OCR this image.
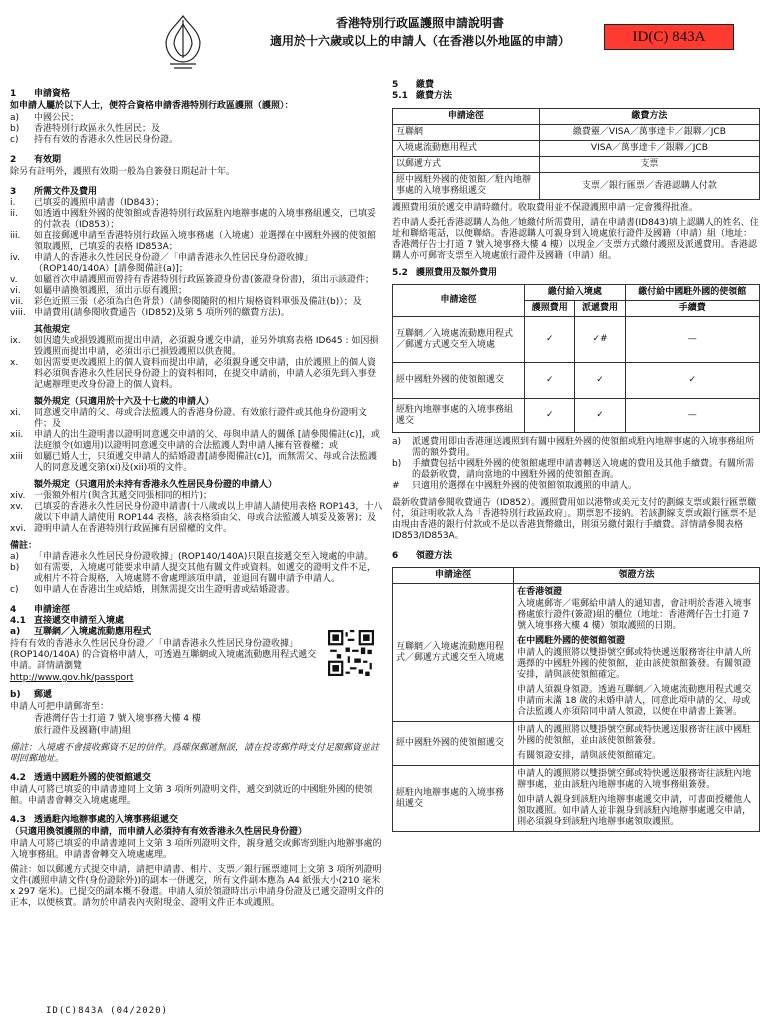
香港特別行政區護照申請說明書
適用於十六歲或以上的申請人（在香港以外地區的申請）	ID(C) 843A
1 申請資格

如申請人屬於以下人士，便符合資格申請香港特別行政區護照（護照）：

a)	中國公民；
b)	香港特別行政區永久性居民；及
c)	持有有效的香港永久性居民身份證。
2 有效期

除另有註明外，護照有效期一般為自簽發日期起計十年。

3 所需文件及費用
i.	已填妥的護照申請書（ID843）；
ii.	如透過中國駐外國的使領館或香港特別行政區駐內地辦事處的入境事務組遞交，已填妥的付款表（ID853）；
iii.	如直接郵遞申請至香港特別行政區入境事務處（入境處）並選擇在中國駐外國的使領館領取護照，已填妥的表格 ID853A；
iv.	申請人的香港永久性居民身份證／「申請香港永久性居民身份證收據」（ROP140/140A）[請參閱備註(a)]；
v.	如屬首次申請護照而曾持有香港特別行政區簽證身份書(簽證身份書)，須出示該證件；
vi.	如屬申請換領護照，須出示原有護照；
vii.	彩色近照三張（必須為白色背景）（請參閱隨附的相片規格資料單張及備註(b)）；及
viii. 申請費用(請參閱收費通告（ID852)及第 5 項所列的繳費方法)。
其他規定
ix.	如因遺失或損毀護照而提出申請，必須親身遞交申請，並另外填寫表格 ID645 : 如因損毀護照而提出申請，必須出示已損毀護照以供查閱。
x.	如因需要更改護照上的個人資料而提出申請，必須親身遞交申請，由於護照上的個人資料必須與香港永久性居民身份證上的資料相同，在提交申請前，申請人必須先到入事登記處辦理更改身份證上的個人資料。
額外規定（只適用於十六及十七歲的申請人）
xi.	同意遞交申請的父、母或合法監護人的香港身份證、有效旅行證件或其他身份證明文件；及
xii.	申請人的出生證明書以證明同意遞交申請的父、母與申請人的關係 [請參閱備註(c)]，或法庭頒令(如適用)以證明同意遞交申請的合法監護人對申請人擁有管養權；或
xiii	如屬已婚人士，只須遞交申請人的結婚證書[請參閱備註(c)]，而無需父、母或合法監護人的同意及遞交第(xi)及(xii)項的文件。
額外規定（只適用於未持有香港永久性居民身份證的申請人）
xiv. 一張額外相片(與含其遞交同張相同的相片)；
xv.	已填妥的香港永久性居民身份證申請書(十八歲或以上申請人請使用表格 ROP143，十八歲以下申請人請使用 ROP144 表格，該表格須由父、母或合法監護人填妥及簽署)；及
xvi. 證明申請人在香港特別行政區擁有居留權的文件。
備註：
a)	「申請香港永久性居民身份證收據」(ROP140/140A)只限直接遞交至入境處的申請。
b)	如有需要，入境處可能要求申請人提交其他有關文件或資料。如遞交的證明文件不足，或相片不符合規格，入境處將不會處理該項申請，並退回有關申請予申請人。
c)	如申請人在香港出生或結婚，則無需提交出生證明書或結婚證書。
4 申請途徑
4.1 直接遞交申請至入境處
a) 互聯網／入境處流動應用程式

持有有效的香港永久性居民身份證／「申請香港永久性居民身份證收據」(ROP140/140A) 的合資格申請人，可透過互聯網或入境處流動應用程式遞交申請。詳情請瀏覽

http://www.gov.hk/passport

b) 郵遞

申請人可把申請郵寄至：

香港灣仔告士打道 7 號入境事務大樓 4 樓

旅行證件及國籍(申請)組

備註：入境處不會接收郵資不足的信件。爲確保郵遞無誤，請在投寄郵件時支付足額郵資並註明回郵地址。

4.2 透過中國駐外國的使領館遞交

申請人可將已填妥的申請書連同上文第 3 項所列證明文件，遞交到就近的中國駐外國的使領館。申請書會轉交入境處處理。

4.3 透過駐內地辦事處的入境事務組遞交

（只適用換領護照的申請，而申請人必須持有有效香港永久性居民身份證）

申請人可將已填妥的申請書連同上文第 3 項所列證明文件，親身遞交或郵寄到駐內地辦事處的入境事務組。申請書會轉交入境處處理。

備註：如以郵遞方式提交申請，請把申請書、相片、支票／銀行匯票連同上文第 3 項所列證明文件(護照申請文件(身份證除外))的副本一併遞交，所有文件副本應為 A4 紙張大小(210 毫米 x 297 毫米)。已提交的副本概不發還。申請人須於領證時出示申請身份證及已遞交證明文件的正本，以便核實。請勿於申請表內夾附現金、證明文件正本或護照。

5 繳費
5.1 繳費方法
申請途徑	繳費方法
互聯網	繳費靈／VISA／萬事達卡／銀聯／JCB
入境處流動應用程式	VISA／萬事達卡／銀聯／JCB
以郵遞方式	支票
經中國駐外國的使領館／駐內地辦事處的入境事務組遞交	支票／銀行匯票／香港認購人付款

護照費用須於遞交申請時繳付。收取費用並不保證護照申請一定會獲得批准。

若申請人委托香港認購人為他／她繳付所需費用，請在申請書(ID843)填上認購人的姓名、住址和聯絡電話，以便聯絡。香港認購人可親身到入境處旅行證件及國籍（申請）組（地址：香港灣仔告士打道 7 號入境事務大樓 4 樓）以現金／支票方式繳付護照及派遞費用。香港認購人亦可郵寄支票至入境處旅行證件及國籍（申請）組。

5.2 護照費用及額外費用
申請途徑	繳付給入境處		繳付給中國駐外國的使領館
	護照費用	派遞費用	手續費
互聯網／入境處流動應用程式／郵遞方式遞交至入境處	✓	✓#	—
經中國駐外國的使領館遞交	✓	✓	✓
經駐內地辦事處的入境事務組遞交	✓	✓	—
a)	派遞費用即由香港運送護照到有關中國駐外國的使領館或駐內地辦事處的入境事務組所需的額外費用。
b)	手續費包括中國駐外國的使領館處理申請書轉送入境處的費用及其他手續費。有關所需的最新收費，請向當地的中國駐外國的使領館查詢。
#	只適用於選擇在中國駐外國的使領館領取護照的申請人。

最新收費請參閱收費通告（ID852）。護照費用如以港幣或美元支付的劃線支票或銀行匯票繳付，須註明收款人為「香港特別行政區政府」。期票恕不接納。若該劃線支票或銀行匯票不是由現由香港的銀行付款或不是以香港貨幣繳出，則須另繳付銀行手續費。詳情請參閱表格 ID853/ID853A。

6 領證方法
申請途徑	領證方法
互聯網／入境處流動應用程式／郵遞方式遞交至入境處	在香港領證

入境處郵寄／電郵給申請人的通知書，會註明於香港入境事務處旅行證件(簽證)組的櫃位（地址：香港灣仔告士打道 7 號入境事務大樓 4 樓）領取護照的日期。

在中國駐外國的使領館領證

申請人的護照將以雙掛號空郵或特快遞送服務寄往申請人所選擇的中國駐外國的使領館，並由該使領館簽發。有關領證安排，請與該使領館確定。

申請人須親身領證。透過互聯網／入境處流動應用程式遞交申請而未滿 18 歲的未婚申請人，同意此項申請的父、母或合法監護人亦須陪同申請人領證，以便在申請書上簽署。

經中國駐外國的使領館遞交	申請人的護照將以雙掛號空郵或特快遞送服務寄往該中國駐外國的使領館，並由該使領館簽發。

有關領證安排，請與該使領館確定。

經駐內地辦事處的入境事務組遞交	申請人的護照將以雙掛號空郵或特快遞送服務寄往該駐內地辦事處，並由該駐內地辦事處的入境事務組簽發。

如申請人親身到該駐內地辦事處遞交申請，可書面授權他人領取護照。如申請人並非親身到該駐內地辦事處遞交申請，則必須親身到該駐內地辦事處領取護照。

ID(C)843A (04/2020)
